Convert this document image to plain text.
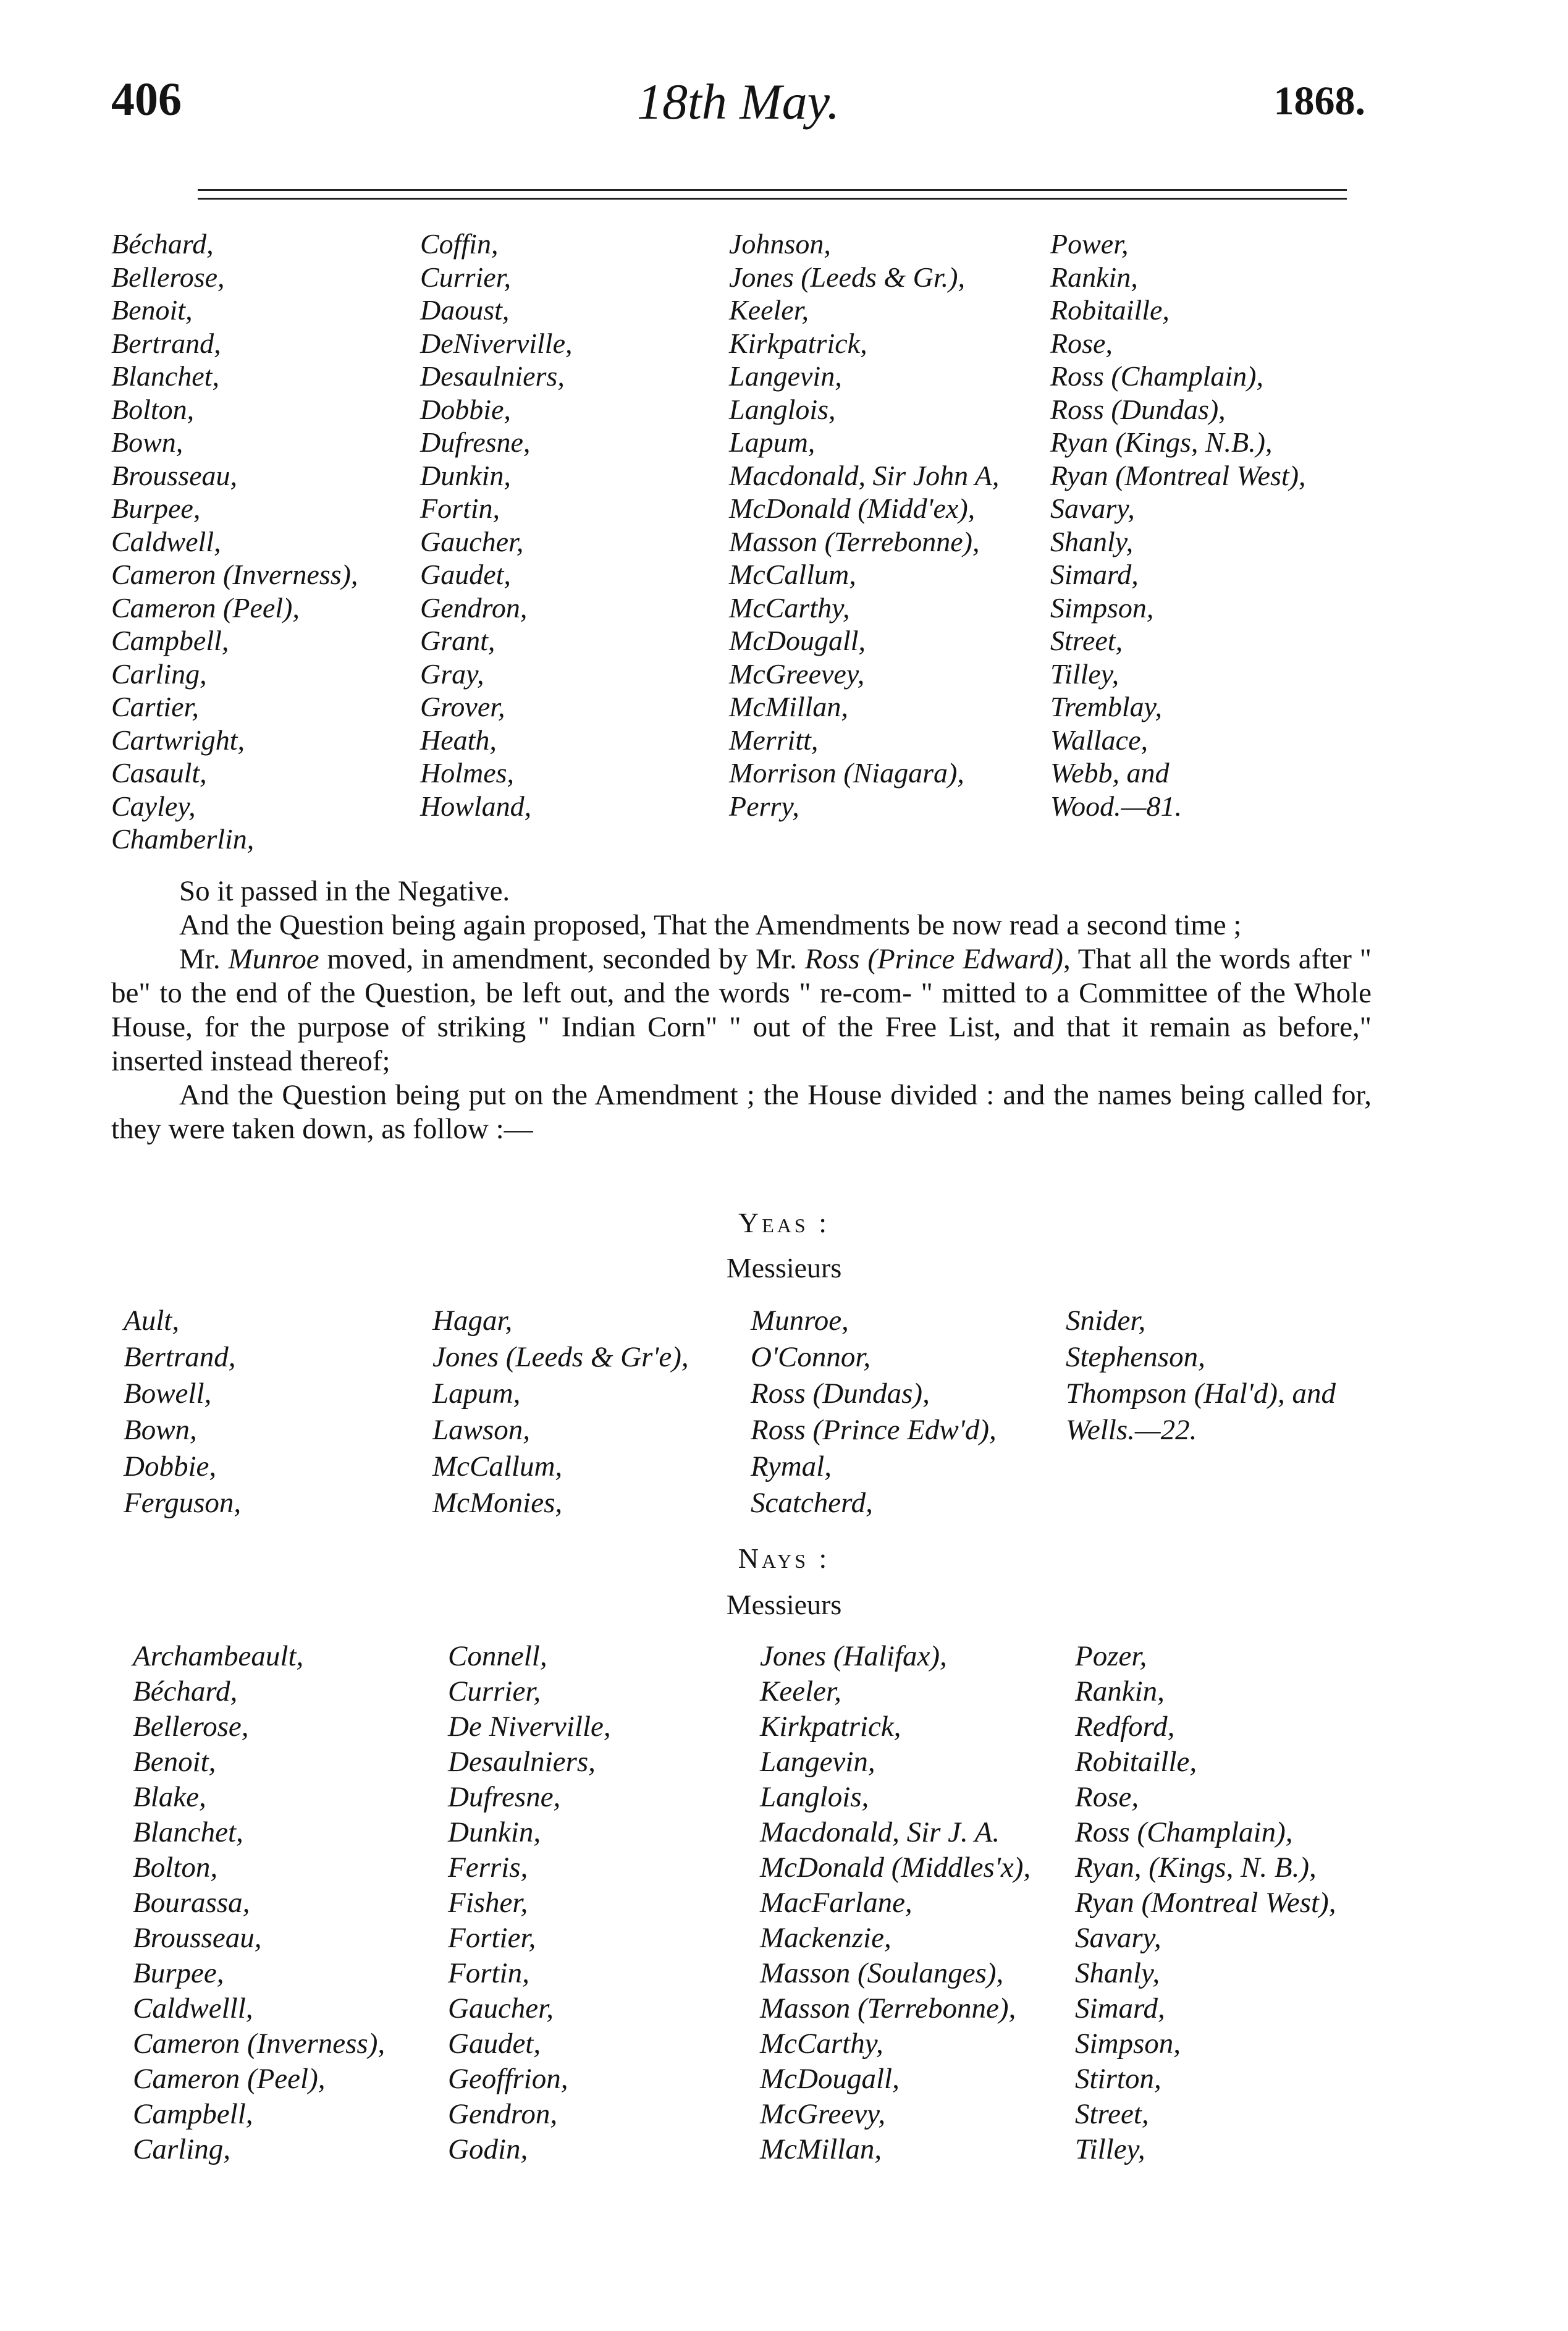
406	18th May.	1868.
Béchard,
Bellerose,
Benoit,
Bertrand,
Blanchet,
Bolton,
Bown,
Brousseau,
Burpee,
Caldwell,
Cameron (Inverness),
Cameron (Peel),
Campbell,
Carling,
Cartier,
Cartwright,
Casault,
Cayley,
Chamberlin,
Coffin,
Currier,
Daoust,
DeNiverville,
Desaulniers,
Dobbie,
Dufresne,
Dunkin,
Fortin,
Gaucher,
Gaudet,
Gendron,
Grant,
Gray,
Grover,
Heath,
Holmes,
Howland,
Johnson,
Jones (Leeds & Gr.),
Keeler,
Kirkpatrick,
Langevin,
Langlois,
Lapum,
Macdonald, Sir John A,
McDonald (Midd'ex),
Masson (Terrebonne),
McCallum,
McCarthy,
McDougall,
McGreevey,
McMillan,
Merritt,
Morrison (Niagara),
Perry,
Power,
Rankin,
Robitaille,
Rose,
Ross (Champlain),
Ross (Dundas),
Ryan (Kings, N.B.),
Ryan (Montreal West),
Savary,
Shanly,
Simard,
Simpson,
Street,
Tilley,
Tremblay,
Wallace,
Webb, and
Wood.—81.

So it passed in the Negative.

And the Question being again proposed, That the Amendments be now read a second time ;

Mr. Munroe moved, in amendment, seconded by Mr. Ross (Prince Edward), That all the words after " be" to the end of the Question, be left out, and the words " re-com- " mitted to a Committee of the Whole House, for the purpose of striking " Indian Corn" " out of the Free List, and that it remain as before," inserted instead thereof;

And the Question being put on the Amendment ; the House divided : and the names being called for, they were taken down, as follow :—

Yeas :
Messieurs
Ault,
Bertrand,
Bowell,
Bown,
Dobbie,
Ferguson,
Hagar,
Jones (Leeds & Gr'e),
Lapum,
Lawson,
McCallum,
McMonies,
Munroe,
O'Connor,
Ross (Dundas),
Ross (Prince Edw'd),
Rymal,
Scatcherd,
Snider,
Stephenson,
Thompson (Hal'd), and
Wells.—22.
Nays :
Messieurs
Archambeault,
Béchard,
Bellerose,
Benoit,
Blake,
Blanchet,
Bolton,
Bourassa,
Brousseau,
Burpee,
Caldwelll,
Cameron (Inverness),
Cameron (Peel),
Campbell,
Carling,
Connell,
Currier,
De Niverville,
Desaulniers,
Dufresne,
Dunkin,
Ferris,
Fisher,
Fortier,
Fortin,
Gaucher,
Gaudet,
Geoffrion,
Gendron,
Godin,
Jones (Halifax),
Keeler,
Kirkpatrick,
Langevin,
Langlois,
Macdonald, Sir J. A.
McDonald (Middles'x),
MacFarlane,
Mackenzie,
Masson (Soulanges),
Masson (Terrebonne),
McCarthy,
McDougall,
McGreevy,
McMillan,
Pozer,
Rankin,
Redford,
Robitaille,
Rose,
Ross (Champlain),
Ryan, (Kings, N. B.),
Ryan (Montreal West),
Savary,
Shanly,
Simard,
Simpson,
Stirton,
Street,
Tilley,
